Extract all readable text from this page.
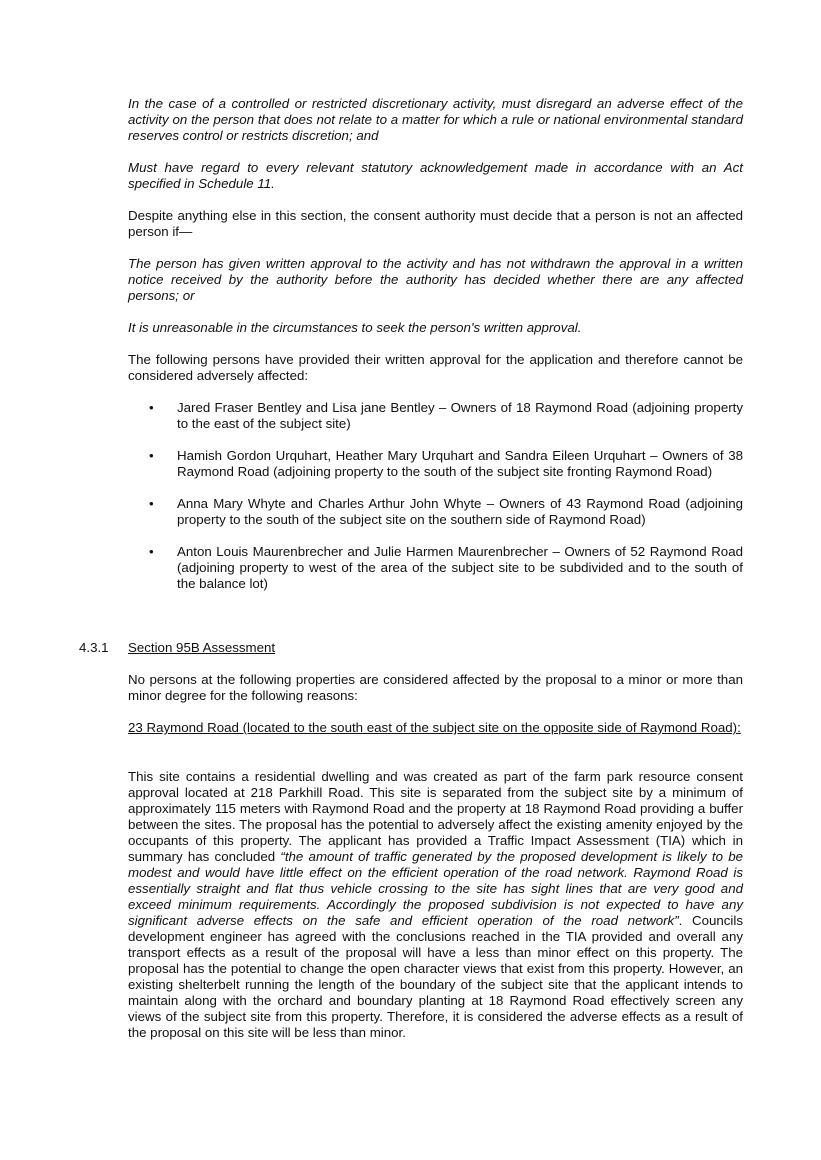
In the case of a controlled or restricted discretionary activity, must disregard an adverse effect of the activity on the person that does not relate to a matter for which a rule or national environmental standard reserves control or restricts discretion; and

Must have regard to every relevant statutory acknowledgement made in accordance with an Act specified in Schedule 11.

Despite anything else in this section, the consent authority must decide that a person is not an affected person if—

The person has given written approval to the activity and has not withdrawn the approval in a written notice received by the authority before the authority has decided whether there are any affected persons; or

It is unreasonable in the circumstances to seek the person's written approval.

The following persons have provided their written approval for the application and therefore cannot be considered adversely affected:

• Jared Fraser Bentley and Lisa jane Bentley – Owners of 18 Raymond Road (adjoining property to the east of the subject site)
• Hamish Gordon Urquhart, Heather Mary Urquhart and Sandra Eileen Urquhart – Owners of 38 Raymond Road (adjoining property to the south of the subject site fronting Raymond Road)
• Anna Mary Whyte and Charles Arthur John Whyte – Owners of 43 Raymond Road (adjoining property to the south of the subject site on the southern side of Raymond Road)
• Anton Louis Maurenbrecher and Julie Harmen Maurenbrecher – Owners of 52 Raymond Road (adjoining property to west of the area of the subject site to be subdivided and to the south of the balance lot)

4.3.1 Section 95B Assessment

No persons at the following properties are considered affected by the proposal to a minor or more than minor degree for the following reasons:

23 Raymond Road (located to the south east of the subject site on the opposite side of Raymond Road):

This site contains a residential dwelling and was created as part of the farm park resource consent approval located at 218 Parkhill Road. This site is separated from the subject site by a minimum of approximately 115 meters with Raymond Road and the property at 18 Raymond Road providing a buffer between the sites. The proposal has the potential to adversely affect the existing amenity enjoyed by the occupants of this property. The applicant has provided a Traffic Impact Assessment (TIA) which in summary has concluded “the amount of traffic generated by the proposed development is likely to be modest and would have little effect on the efficient operation of the road network. Raymond Road is essentially straight and flat thus vehicle crossing to the site has sight lines that are very good and exceed minimum requirements. Accordingly the proposed subdivision is not expected to have any significant adverse effects on the safe and efficient operation of the road network”. Councils development engineer has agreed with the conclusions reached in the TIA provided and overall any transport effects as a result of the proposal will have a less than minor effect on this property. The proposal has the potential to change the open character views that exist from this property. However, an existing shelterbelt running the length of the boundary of the subject site that the applicant intends to maintain along with the orchard and boundary planting at 18 Raymond Road effectively screen any views of the subject site from this property. Therefore, it is considered the adverse effects as a result of the proposal on this site will be less than minor.
